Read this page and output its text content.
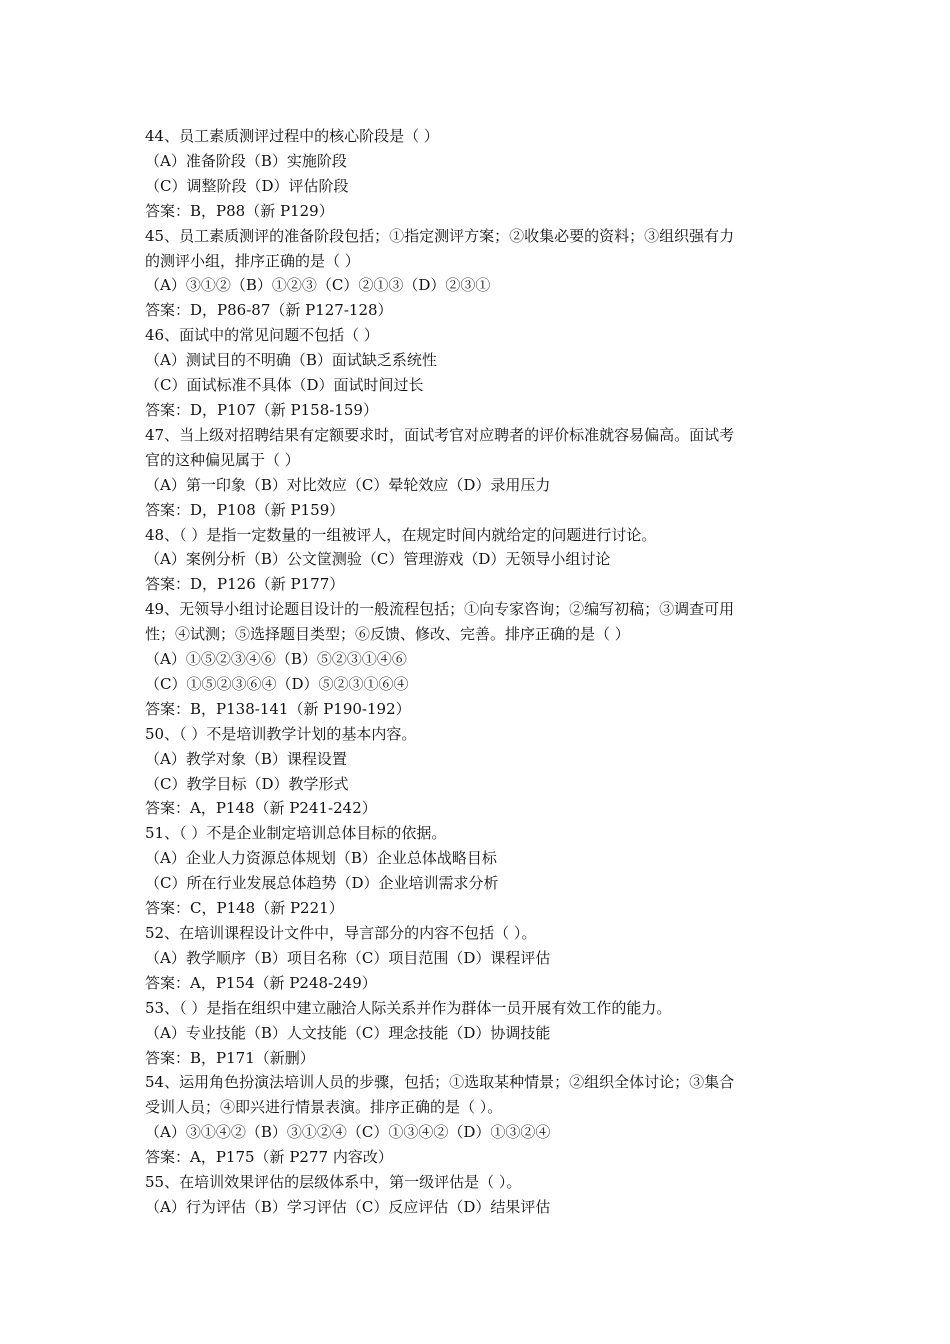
44、员工素质测评过程中的核心阶段是（ ）

（A）准备阶段（B）实施阶段

（C）调整阶段（D）评估阶段

答案：B，P88（新 P129）

45、员工素质测评的准备阶段包括；①指定测评方案；②收集必要的资料；③组织强有力

的测评小组，排序正确的是（ ）

（A）③①②（B）①②③（C）②①③（D）②③①

答案：D，P86-87（新 P127-128）

46、面试中的常见问题不包括（ ）

（A）测试目的不明确（B）面试缺乏系统性

（C）面试标准不具体（D）面试时间过长

答案：D，P107（新 P158-159）

47、当上级对招聘结果有定额要求时，面试考官对应聘者的评价标准就容易偏高。面试考

官的这种偏见属于（ ）

（A）第一印象（B）对比效应（C）晕轮效应（D）录用压力

答案：D，P108（新 P159）

48、（ ）是指一定数量的一组被评人，在规定时间内就给定的问题进行讨论。

（A）案例分析（B）公文筐测验（C）管理游戏（D）无领导小组讨论

答案：D，P126（新 P177）

49、无领导小组讨论题目设计的一般流程包括；①向专家咨询；②编写初稿；③调查可用

性；④试测；⑤选择题目类型；⑥反馈、修改、完善。排序正确的是（ ）

（A）①⑤②③④⑥（B）⑤②③①④⑥

（C）①⑤②③⑥④（D）⑤②③①⑥④

答案：B，P138-141（新 P190-192）

50、（ ）不是培训教学计划的基本内容。

（A）教学对象（B）课程设置

（C）教学目标（D）教学形式

答案：A，P148（新 P241-242）

51、（ ）不是企业制定培训总体目标的依据。

（A）企业人力资源总体规划（B）企业总体战略目标

（C）所在行业发展总体趋势（D）企业培训需求分析

答案：C，P148（新 P221）

52、在培训课程设计文件中，导言部分的内容不包括（ ）。

（A）教学顺序（B）项目名称（C）项目范围（D）课程评估

答案：A，P154（新 P248-249）

53、（ ）是指在组织中建立融洽人际关系并作为群体一员开展有效工作的能力。

（A）专业技能（B）人文技能（C）理念技能（D）协调技能

答案：B，P171（新删）

54、运用角色扮演法培训人员的步骤，包括；①选取某种情景；②组织全体讨论；③集合

受训人员；④即兴进行情景表演。排序正确的是（ ）。

（A）③①④②（B）③①②④（C）①③④②（D）①③②④

答案：A，P175（新 P277 内容改）

55、在培训效果评估的层级体系中，第一级评估是（ ）。

（A）行为评估（B）学习评估（C）反应评估（D）结果评估
